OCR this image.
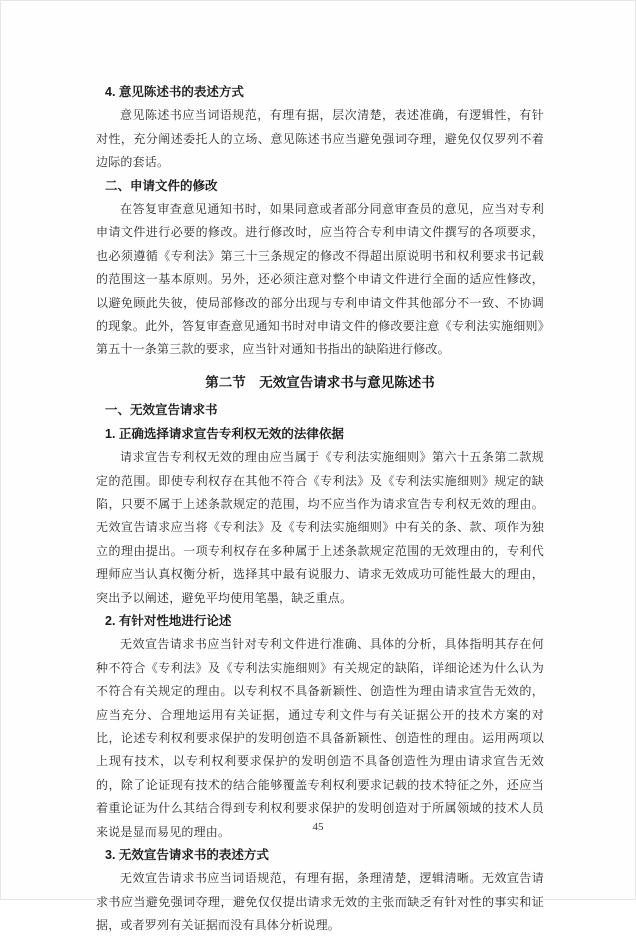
4. 意见陈述书的表述方式

意见陈述书应当词语规范，有理有据，层次清楚，表述准确，有逻辑性，有针对性，充分阐述委托人的立场、意见陈述书应当避免强词夺理，避免仅仅罗列不着边际的套话。

二、申请文件的修改

在答复审查意见通知书时，如果同意或者部分同意审查员的意见，应当对专利申请文件进行必要的修改。进行修改时，应当符合专利申请文件撰写的各项要求，也必须遵循《专利法》第三十三条规定的修改不得超出原说明书和权利要求书记载的范围这一基本原则。另外，还必须注意对整个申请文件进行全面的适应性修改，以避免顾此失彼，使局部修改的部分出现与专利申请文件其他部分不一致、不协调的现象。此外，答复审查意见通知书时对申请文件的修改要注意《专利法实施细则》第五十一条第三款的要求，应当针对通知书指出的缺陷进行修改。

第二节　无效宣告请求书与意见陈述书
一、无效宣告请求书
1. 正确选择请求宣告专利权无效的法律依据

请求宣告专利权无效的理由应当属于《专利法实施细则》第六十五条第二款规定的范围。即使专利权存在其他不符合《专利法》及《专利法实施细则》规定的缺陷，只要不属于上述条款规定的范围，均不应当作为请求宣告专利权无效的理由。无效宣告请求应当将《专利法》及《专利法实施细则》中有关的条、款、项作为独立的理由提出。一项专利权存在多种属于上述条款规定范围的无效理由的，专利代理师应当认真权衡分析，选择其中最有说服力、请求无效成功可能性最大的理由，突出予以阐述，避免平均使用笔墨，缺乏重点。

2. 有针对性地进行论述

无效宣告请求书应当针对专利文件进行准确、具体的分析，具体指明其存在何种不符合《专利法》及《专利法实施细则》有关规定的缺陷，详细论述为什么认为不符合有关规定的理由。以专利权不具备新颖性、创造性为理由请求宣告无效的，应当充分、合理地运用有关证据，通过专利文件与有关证据公开的技术方案的对比，论述专利权利要求保护的发明创造不具备新颖性、创造性的理由。运用两项以上现有技术，以专利权利要求保护的发明创造不具备创造性为理由请求宣告无效的，除了论证现有技术的结合能够覆盖专利权利要求记载的技术特征之外，还应当着重论证为什么其结合得到专利权利要求保护的发明创造对于所属领域的技术人员来说是显而易见的理由。

3. 无效宣告请求书的表述方式

无效宣告请求书应当词语规范，有理有据，条理清楚，逻辑清晰。无效宣告请求书应当避免强词夺理，避免仅仅提出请求无效的主张而缺乏有针对性的事实和证据，或者罗列有关证据而没有具体分析说理。

45
